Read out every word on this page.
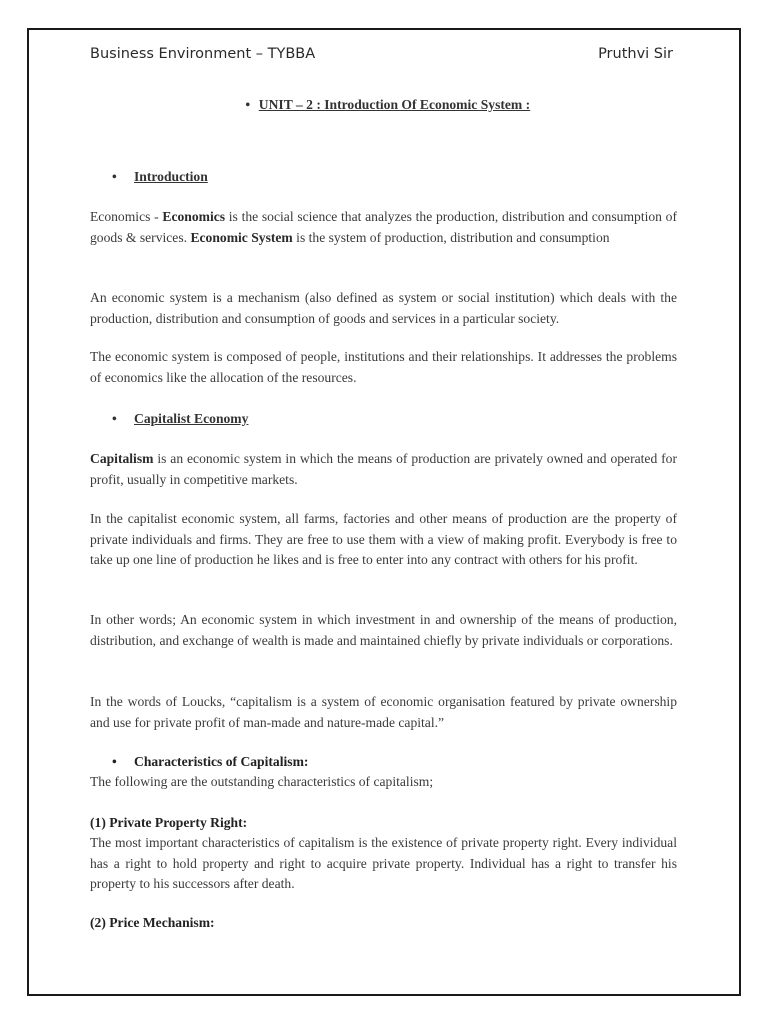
Business Environment – TYBBA	Pruthvi Sir
• UNIT – 2 : Introduction Of Economic System :
• Introduction
Economics - Economics is the social science that analyzes the production, distribution and consumption of goods & services. Economic System is the system of production, distribution and consumption
An economic system is a mechanism (also defined as system or social institution) which deals with the production, distribution and consumption of goods and services in a particular society.
The economic system is composed of people, institutions and their relationships. It addresses the problems of economics like the allocation of the resources.
• Capitalist Economy
Capitalism is an economic system in which the means of production are privately owned and operated for profit, usually in competitive markets.
In the capitalist economic system, all farms, factories and other means of production are the property of private individuals and firms. They are free to use them with a view of making profit. Everybody is free to take up one line of production he likes and is free to enter into any contract with others for his profit.
In other words; An economic system in which investment in and ownership of the means of production, distribution, and exchange of wealth is made and maintained chiefly by private individuals or corporations.
In the words of Loucks, “capitalism is a system of economic organisation featured by private ownership and use for private profit of man-made and nature-made capital.”
• Characteristics of Capitalism:
The following are the outstanding characteristics of capitalism;
(1) Private Property Right:
The most important characteristics of capitalism is the existence of private property right. Every individual has a right to hold property and right to acquire private property. Individual has a right to transfer his property to his successors after death.
(2) Price Mechanism:
